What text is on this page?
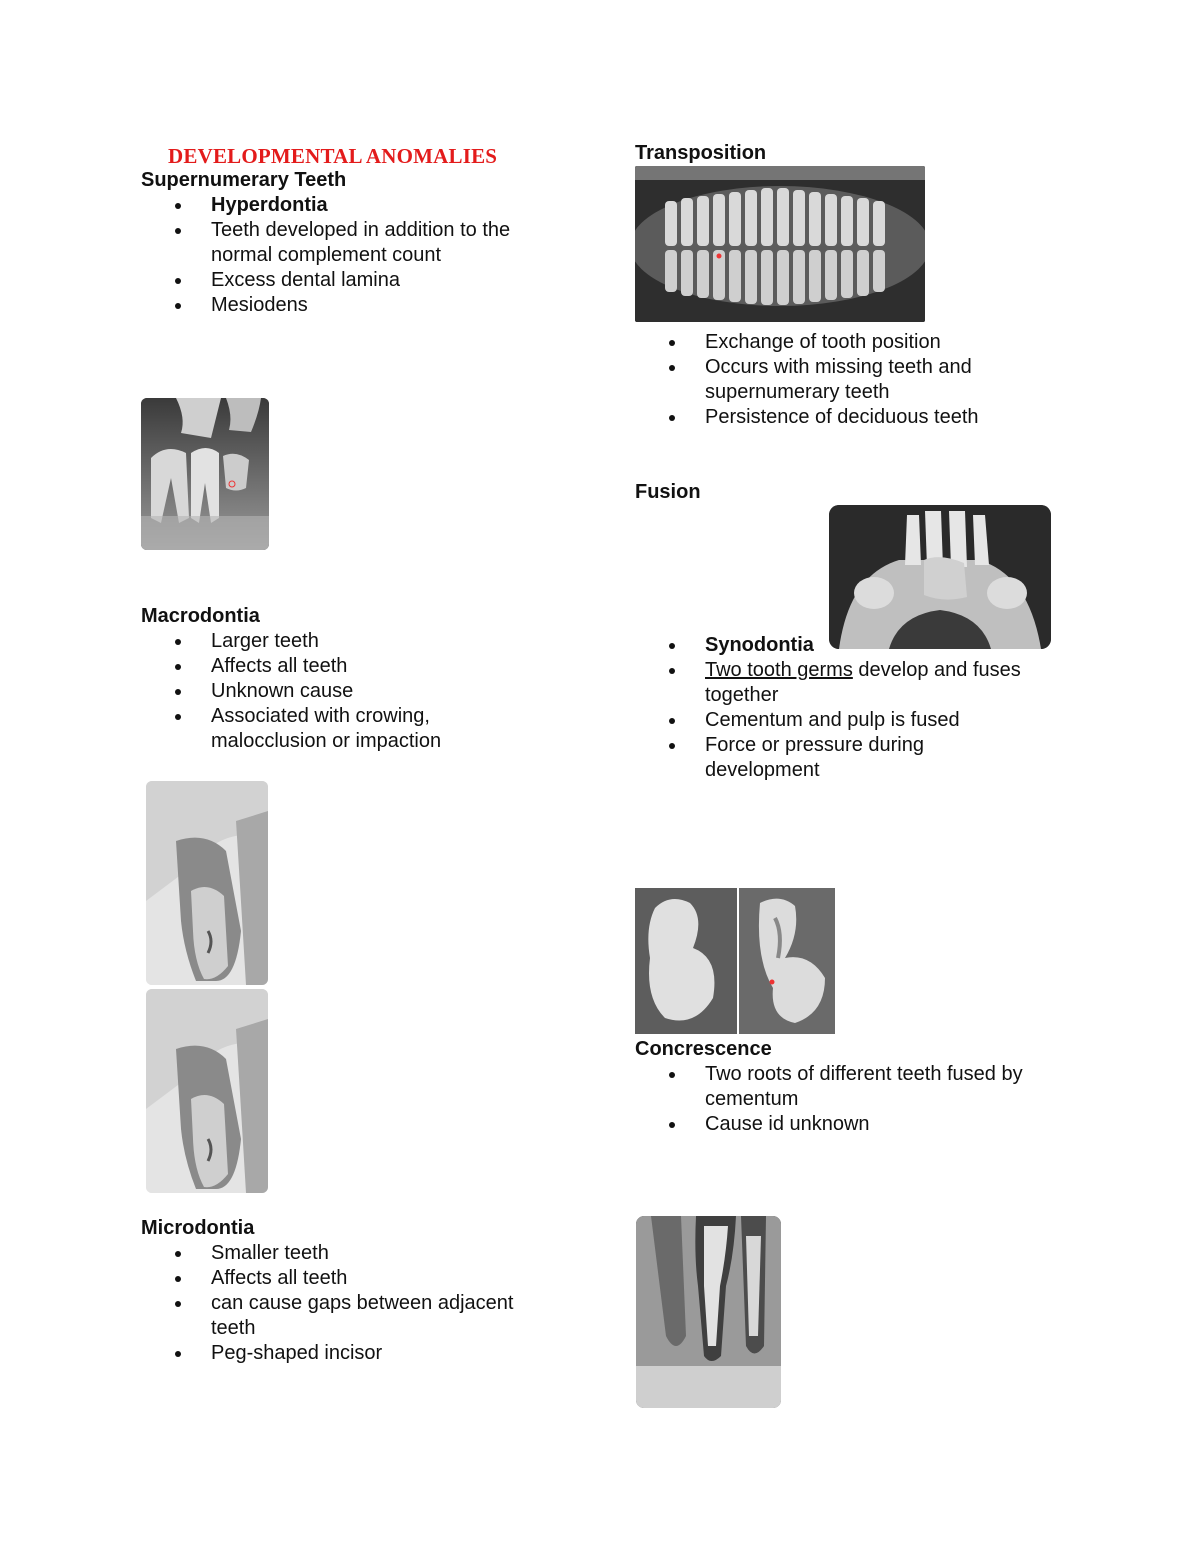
DEVELOPMENTAL ANOMALIES
Supernumerary Teeth
Hyperdontia
Teeth developed in addition to the normal complement count
Excess dental lamina
Mesiodens
Macrodontia
Larger teeth
Affects all teeth
Unknown cause
Associated with crowing, malocclusion or impaction
Microdontia
Smaller teeth
Affects all teeth
can cause gaps between adjacent teeth
Peg-shaped incisor
Transposition
Exchange of tooth position
Occurs with missing teeth and supernumerary teeth
Persistence of deciduous teeth
Fusion
Synodontia
Two tooth germs develop and fuses together
Cementum and pulp is fused
Force or pressure during development
Concrescence
Two roots of different teeth fused by cementum
Cause id unknown
